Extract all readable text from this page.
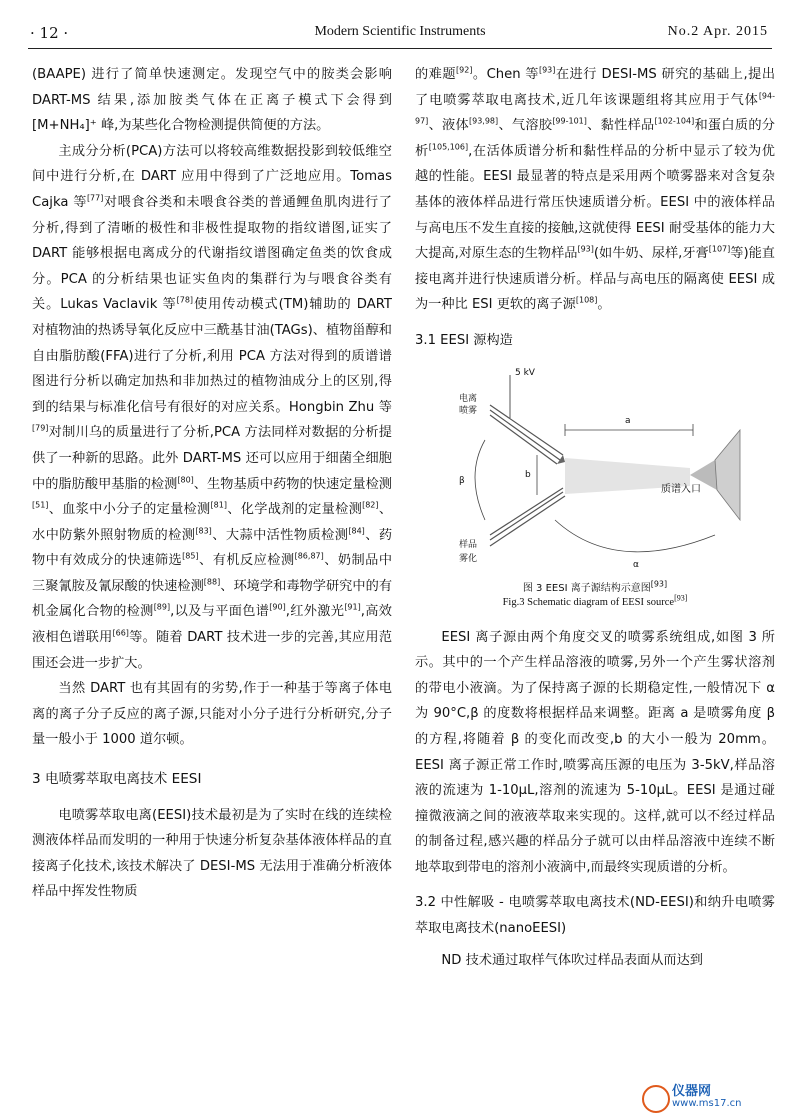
· 12 ·	Modern Scientific Instruments	No.2 Apr. 2015

(BAAPE) 进行了简单快速测定。发现空气中的胺类会影响 DART-MS 结果,添加胺类气体在正离子模式下会得到 [M+NH₄]⁺ 峰,为某些化合物检测提供简便的方法。

主成分分析(PCA)方法可以将较高维数据投影到较低维空间中进行分析,在 DART 应用中得到了广泛地应用。Tomas Cajka 等[77]对喂食谷类和未喂食谷类的普通鲤鱼肌肉进行了分析,得到了清晰的极性和非极性提取物的指纹谱图,证实了 DART 能够根据电离成分的代谢指纹谱图确定鱼类的饮食成分。PCA 的分析结果也证实鱼肉的集群行为与喂食谷类有关。Lukas Vaclavik 等[78]使用传动模式(TM)辅助的 DART 对植物油的热诱导氧化反应中三酰基甘油(TAGs)、植物甾醇和自由脂肪酸(FFA)进行了分析,利用 PCA 方法对得到的质谱谱图进行分析以确定加热和非加热过的植物油成分上的区别,得到的结果与标准化信号有很好的对应关系。Hongbin Zhu 等[79]对制川乌的质量进行了分析,PCA 方法同样对数据的分析提供了一种新的思路。此外 DART-MS 还可以应用于细菌全细胞中的脂肪酸甲基脂的检测[80]、生物基质中药物的快速定量检测[51]、血浆中小分子的定量检测[81]、化学战剂的定量检测[82]、水中防紫外照射物质的检测[83]、大蒜中活性物质检测[84]、药物中有效成分的快速筛选[85]、有机反应检测[86,87]、奶制品中三聚氰胺及氰尿酸的快速检测[88]、环境学和毒物学研究中的有机金属化合物的检测[89],以及与平面色谱[90],红外激光[91],高效液相色谱联用[66]等。随着 DART 技术进一步的完善,其应用范围还会进一步扩大。

当然 DART 也有其固有的劣势,作于一种基于等离子体电离的离子分子反应的离子源,只能对小分子进行分析研究,分子量一般小于 1000 道尔顿。

3 电喷雾萃取电离技术 EESI

电喷雾萃取电离(EESI)技术最初是为了实时在线的连续检测液体样品而发明的一种用于快速分析复杂基体液体样品的直接离子化技术,该技术解决了 DESI-MS 无法用于准确分析液体样品中挥发性物质

的难题[92]。Chen 等[93]在进行 DESI-MS 研究的基础上,提出了电喷雾萃取电离技术,近几年该课题组将其应用于气体[94-97]、液体[93,98]、气溶胶[99-101]、黏性样品[102-104]和蛋白质的分析[105,106],在活体质谱分析和黏性样品的分析中显示了较为优越的性能。EESI 最显著的特点是采用两个喷雾器来对含复杂基体的液体样品进行常压快速质谱分析。EESI 中的液体样品与高电压不发生直接的接触,这就使得 EESI 耐受基体的能力大大提高,对原生态的生物样品[93](如牛奶、尿样,牙膏[107]等)能直接电离并进行快速质谱分析。样品与高电压的隔离使 EESI 成为一种比 ESI 更软的离子源[108]。

3.1 EESI 源构造

5 kV
电离
喷雾
a
b
β
α
质谱入口
样品
雾化
图 3 EESI 离子源结构示意图[93]
Fig.3 Schematic diagram of EESI source[93]

EESI 离子源由两个角度交叉的喷雾系统组成,如图 3 所示。其中的一个产生样品溶液的喷雾,另外一个产生雾状溶剂的带电小液滴。为了保持离子源的长期稳定性,一般情况下 α 为 90°C,β 的度数将根据样品来调整。距离 a 是喷雾角度 β 的方程,将随着 β 的变化而改变,b 的大小一般为 20mm。EESI 离子源正常工作时,喷雾高压源的电压为 3-5kV,样品溶液的流速为 1-10μL,溶剂的流速为 5-10μL。EESI 是通过碰撞微液滴之间的液液萃取来实现的。这样,就可以不经过样品的制备过程,感兴趣的样品分子就可以由样品溶液中连续不断地萃取到带电的溶剂小液滴中,而最终实现质谱的分析。

3.2 中性解吸 - 电喷雾萃取电离技术(ND-EESI)和纳升电喷雾萃取电离技术(nanoEESI)

ND 技术通过取样气体吹过样品表面从而达到

仪器网
www.ms17.cn
